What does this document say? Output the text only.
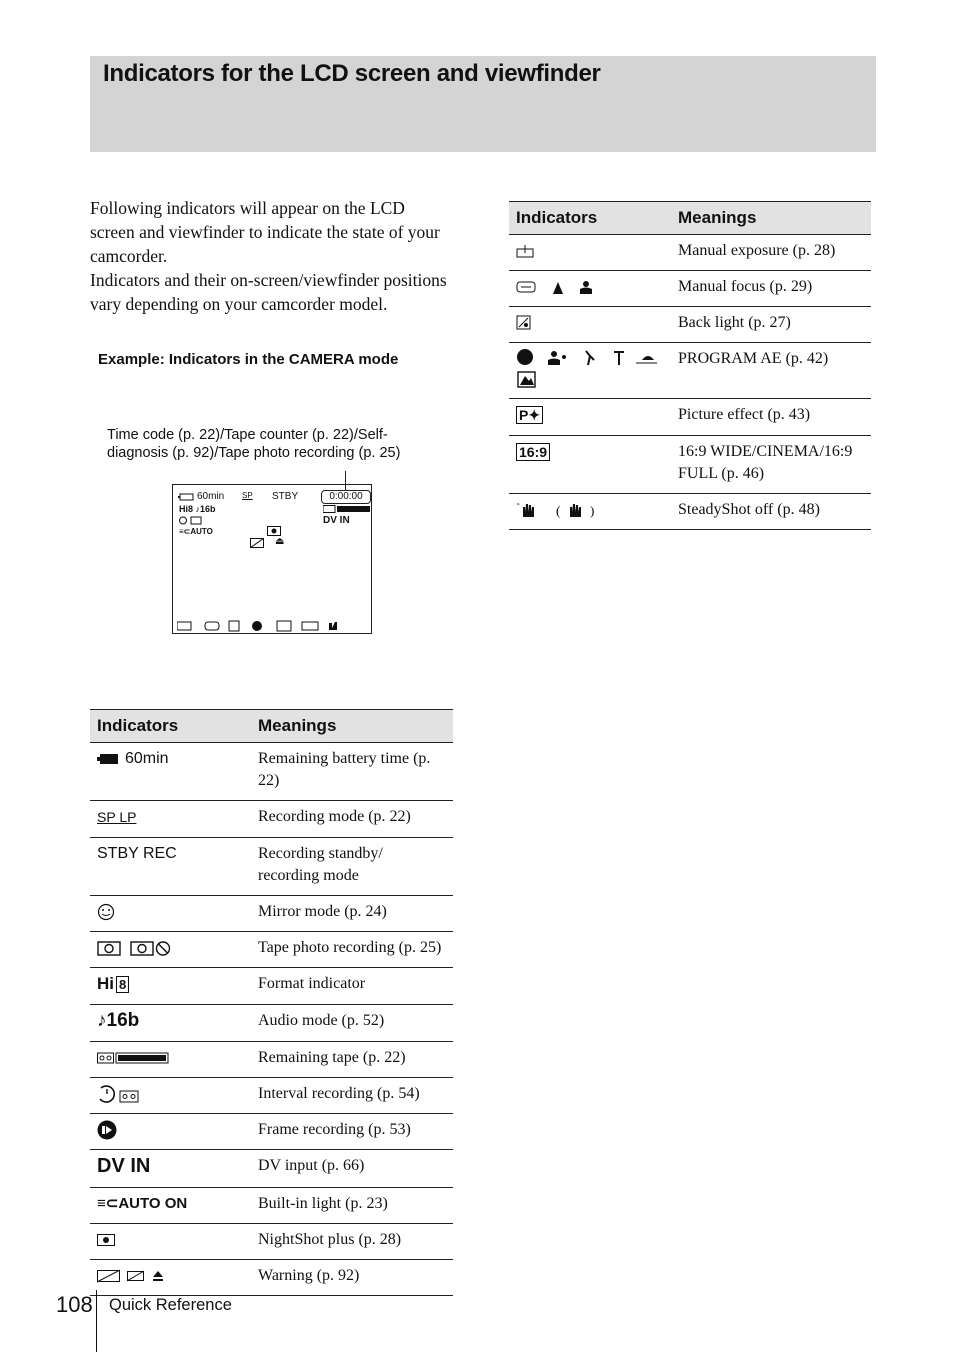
Indicators for the LCD screen and viewfinder

Following indicators will appear on the LCD screen and viewfinder to indicate the state of your camcorder.

Indicators and their on-screen/viewfinder positions vary depending on your camcorder model.

Example: Indicators in the CAMERA mode
Time code (p. 22)/Tape counter (p. 22)/Self-diagnosis (p. 92)/Tape photo recording (p. 25)
60min SP STBY	0:00:00
DV IN
Hi8 ♪16b
≡⊂AUTO
⏏
Indicators	Meanings
60min	Remaining battery time (p. 22)
SP LP	Recording mode (p. 22)
STBY REC	Recording standby/ recording mode
	Mirror mode (p. 24)
	Tape photo recording (p. 25)
Hi 8	Format indicator
♪16b	Audio mode (p. 52)
	Remaining tape (p. 22)
	Interval recording (p. 54)
	Frame recording (p. 53)
DV IN	DV input (p. 66)
≡⊂AUTO ON	Built-in light (p. 23)
	NightShot plus (p. 28)
	Warning (p. 92)
Indicators	Meanings
	Manual exposure (p. 28)
	Manual focus (p. 29)
	Back light (p. 27)
	PROGRAM AE (p. 42)
P✦	Picture effect (p. 43)
16:9	16:9 WIDE/CINEMA/16:9 FULL (p. 46)

“ ( )	SteadyShot off (p. 48)
108 Quick Reference
